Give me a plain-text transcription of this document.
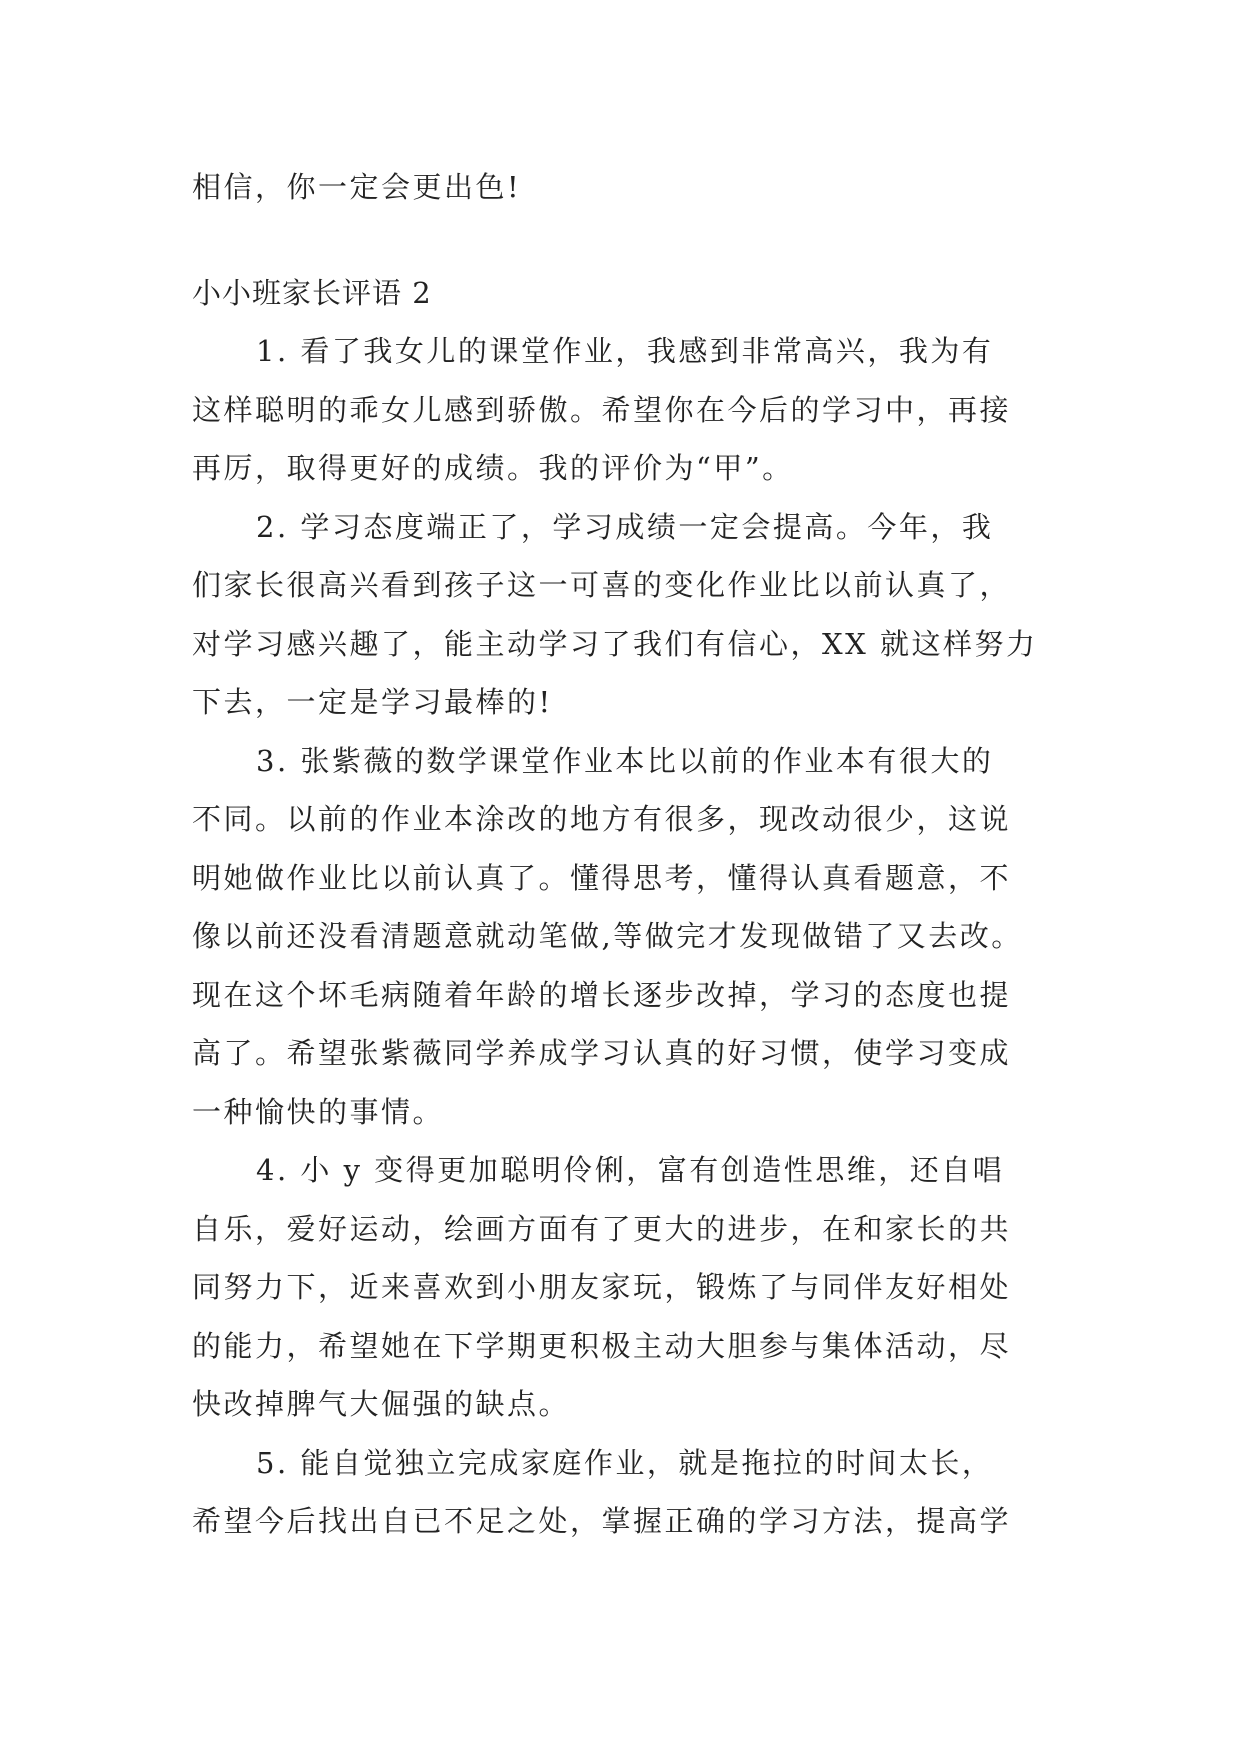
相信，你一定会更出色!

小小班家长评语 2

1. 看了我女儿的课堂作业，我感到非常高兴，我为有

这样聪明的乖女儿感到骄傲。希望你在今后的学习中，再接

再厉，取得更好的成绩。我的评价为“甲”。

2. 学习态度端正了，学习成绩一定会提高。今年，我

们家长很高兴看到孩子这一可喜的变化作业比以前认真了，

对学习感兴趣了，能主动学习了我们有信心，XX 就这样努力

下去，一定是学习最棒的!

3. 张紫薇的数学课堂作业本比以前的作业本有很大的

不同。以前的作业本涂改的地方有很多，现改动很少，这说

明她做作业比以前认真了。懂得思考，懂得认真看题意，不

像以前还没看清题意就动笔做,等做完才发现做错了又去改。

现在这个坏毛病随着年龄的增长逐步改掉，学习的态度也提

高了。希望张紫薇同学养成学习认真的好习惯，使学习变成

一种愉快的事情。

4. 小 y 变得更加聪明伶俐，富有创造性思维，还自唱

自乐，爱好运动，绘画方面有了更大的进步，在和家长的共

同努力下，近来喜欢到小朋友家玩，锻炼了与同伴友好相处

的能力，希望她在下学期更积极主动大胆参与集体活动，尽

快改掉脾气大倔强的缺点。

5. 能自觉独立完成家庭作业，就是拖拉的时间太长，

希望今后找出自已不足之处，掌握正确的学习方法，提高学
